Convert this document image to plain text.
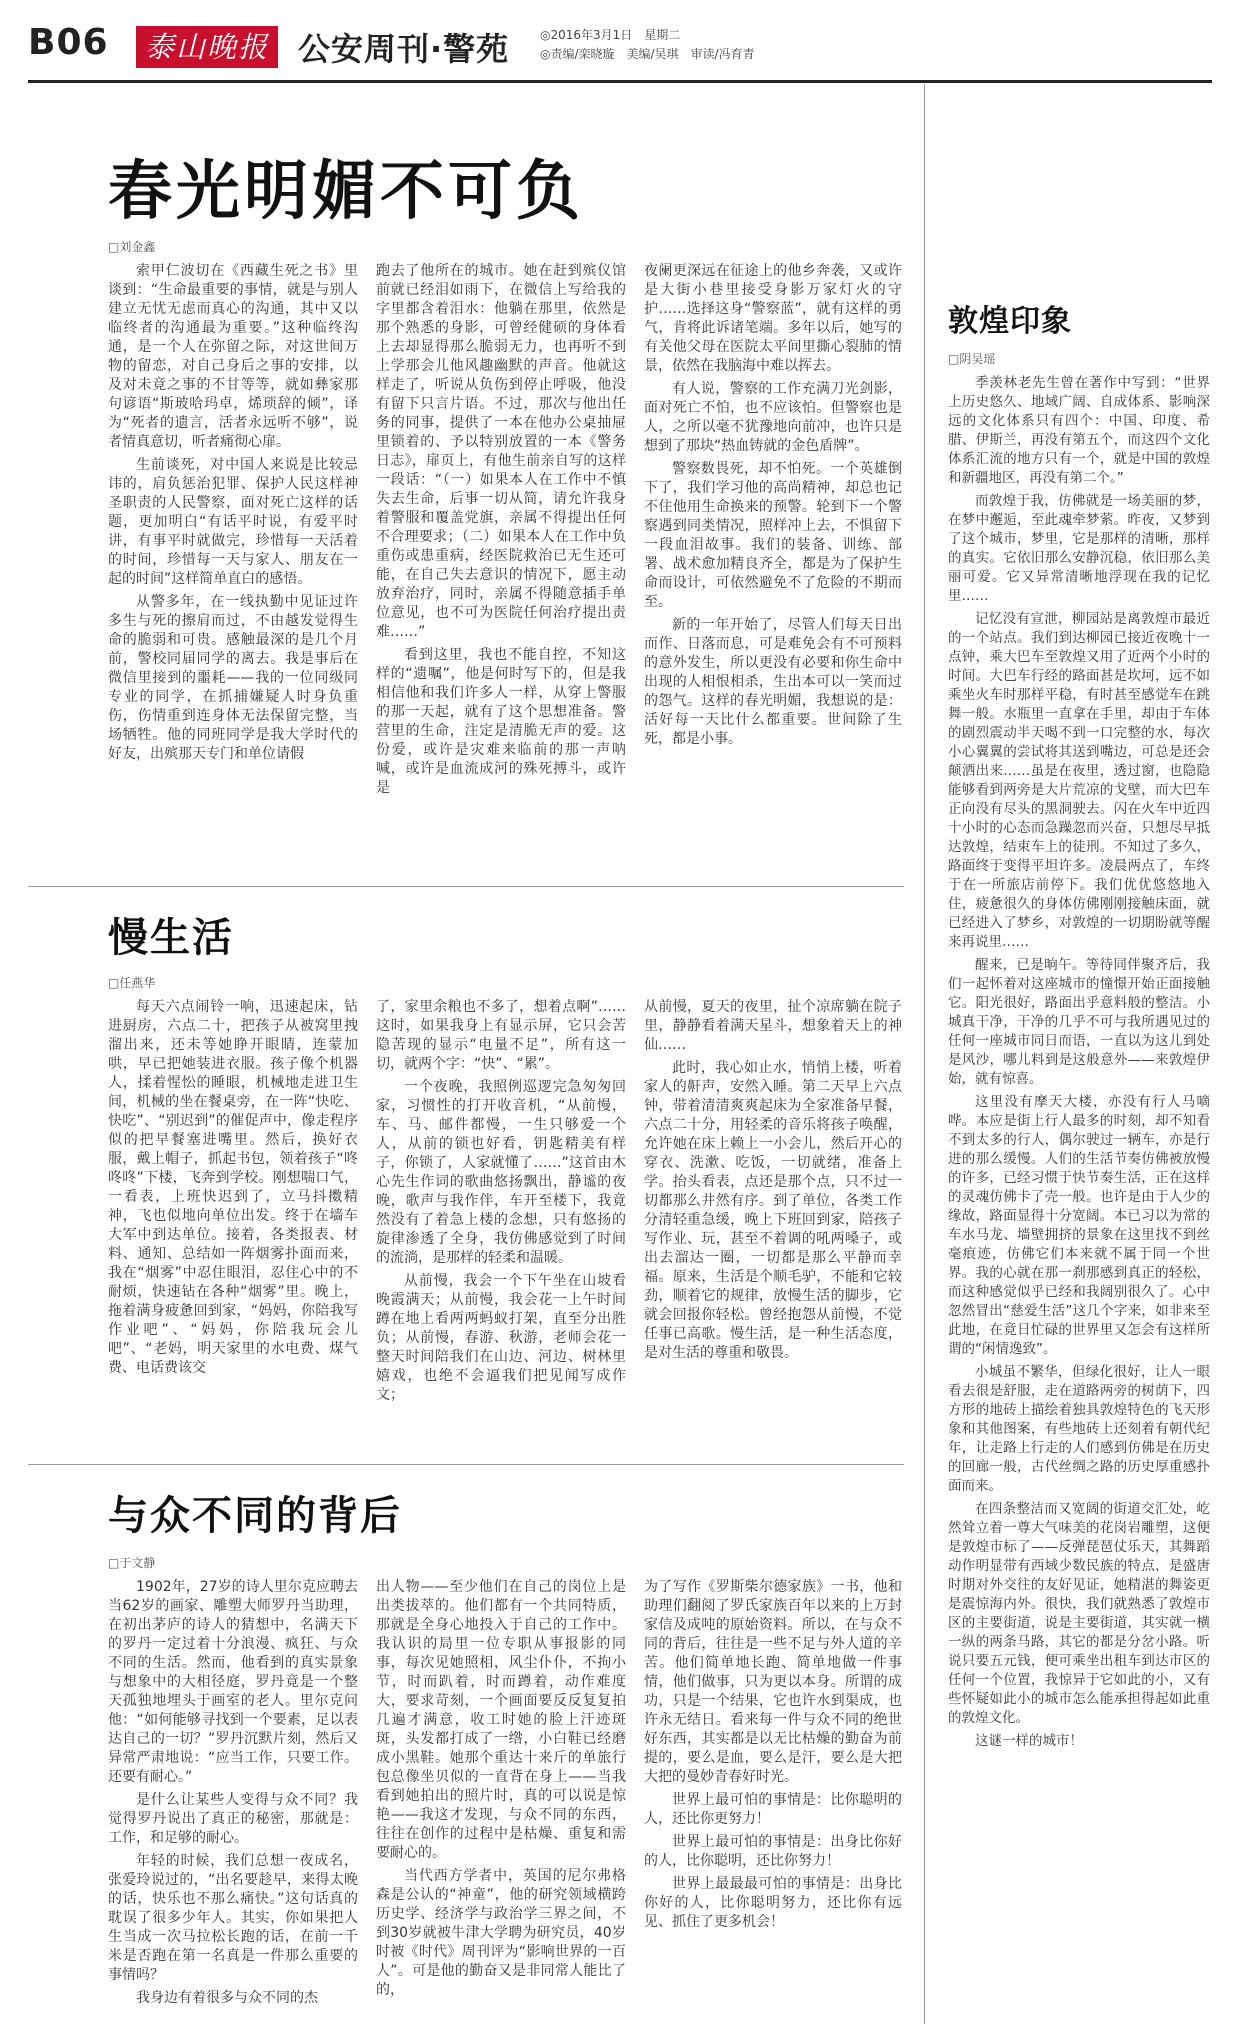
B06	泰山晚报 公安周刊·警苑	◎2016年3月1日　星期二
◎责编/栾晓璇　美编/吴琪　审读/冯育青
春光明媚不可负
□刘金鑫

索甲仁波切在《西藏生死之书》里谈到：“生命最重要的事情，就是与别人建立无忧无虑而真心的沟通，其中又以临终者的沟通最为重要。”这种临终沟通，是一个人在弥留之际，对这世间万物的留恋，对自己身后之事的安排，以及对未竟之事的不甘等等，就如彝家那句谚语“斯玻哈玛卓，烯琐辞的倾”，译为“死者的遗言，活者永远听不够”，说者情真意切，听者痛彻心扉。

生前谈死，对中国人来说是比较忌讳的，肩负惩治犯罪、保护人民这样神圣职责的人民警察，面对死亡这样的话题，更加明白“有话平时说，有爱平时讲，有事平时就做完，珍惜每一天活着的时间，珍惜每一天与家人、朋友在一起的时间”这样简单直白的感悟。

从警多年，在一线执勤中见证过许多生与死的擦肩而过，不由越发觉得生命的脆弱和可贵。感触最深的是几个月前，警校同届同学的离去。我是事后在微信里接到的噩耗——我的一位同级同专业的同学，在抓捕嫌疑人时身负重伤，伤情重到连身体无法保留完整，当场牺牲。他的同班同学是我大学时代的好友，出殡那天专门和单位请假

跑去了他所在的城市。她在赶到殡仪馆前就已经泪如雨下，在微信上写给我的字里都含着泪水：他躺在那里，依然是那个熟悉的身影，可曾经健硕的身体看上去却显得那么脆弱无力，也再听不到上学那会儿他风趣幽默的声音。他就这样走了，听说从负伤到停止呼吸，他没有留下只言片语。不过，那次与他出任务的同事，提供了一本在他办公桌抽屉里锁着的、予以特别放置的一本《警务日志》，扉页上，有他生前亲自写的这样一段话：“（一）如果本人在工作中不慎失去生命，后事一切从简，请允许我身着警服和覆盖党旗，亲属不得提出任何不合理要求；（二）如果本人在工作中负重伤或患重病，经医院救治已无生还可能，在自己失去意识的情况下，愿主动放弃治疗，同时，亲属不得随意插手单位意见，也不可为医院任何治疗提出责难……”

看到这里，我也不能自控，不知这样的“遗嘱”，他是何时写下的，但是我相信他和我们许多人一样，从穿上警服的那一天起，就有了这个思想准备。警营里的生命，注定是清脆无声的爱。这份爱，或许是灾难来临前的那一声呐喊，或许是血流成河的殊死搏斗，或许是

夜阑更深远在征途上的他乡奔袭，又或许是大街小巷里接受身影万家灯火的守护……选择这身“警察蓝”，就有这样的勇气，肯将此诉诸笔端。多年以后，她写的有关他父母在医院太平间里撕心裂肺的情景，依然在我脑海中难以挥去。

有人说，警察的工作充满刀光剑影，面对死亡不怕，也不应该怕。但警察也是人，之所以毫不犹豫地向前冲，也许只是想到了那块“热血铸就的金色盾牌”。

警察数畏死，却不怕死。一个英雄倒下了，我们学习他的高尚精神，却总也记不住他用生命换来的预警。轮到下一个警察遇到同类情况，照样冲上去，不惧留下一段血泪故事。我们的装备、训练、部署、战术愈加精良齐全，都是为了保护生命而设计，可依然避免不了危险的不期而至。

新的一年开始了，尽管人们每天日出而作、日落而息，可是难免会有不可预料的意外发生，所以更没有必要和你生命中出现的人相恨相杀，生出本可以一笑而过的怨气。这样的春光明媚，我想说的是：活好每一天比什么都重要。世间除了生死，都是小事。

慢生活
□任燕华

每天六点闹铃一响，迅速起床，钻进厨房，六点二十，把孩子从被窝里拽溜出来，还未等她睁开眼睛，连蒙加哄，早已把她装进衣服。孩子像个机器人，揉着惺忪的睡眼，机械地走进卫生间，机械的坐在餐桌旁，在一阵“快吃、快吃”、“别迟到”的催促声中，像走程序似的把早餐塞进嘴里。然后，换好衣服，戴上帽子，抓起书包，领着孩子“咚咚咚”下楼，飞奔到学校。刚想喘口气，一看表，上班快迟到了，立马抖擞精神，飞也似地向单位出发。终于在墙车大军中到达单位。接着，各类报表、材料、通知、总结如一阵烟雾扑面而来，我在“烟雾”中忍住眼泪，忍住心中的不耐烦，快速钻在各种“烟雾”里。晚上，拖着满身疲惫回到家，“妈妈，你陪我写作业吧”、“妈妈，你陪我玩会儿吧”、“老妈，明天家里的水电费、煤气费、电话费该交

了，家里余粮也不多了，想着点啊”……这时，如果我身上有显示屏，它只会苦隐苦现的显示“电量不足”，所有这一切，就两个字：“快”、“累”。

一个夜晚，我照例巡逻完急匆匆回家，习惯性的打开收音机，“从前慢，车、马、邮件都慢，一生只够爱一个人，从前的锁也好看，钥匙精美有样子，你锁了，人家就懂了……”这首由木心先生作词的歌曲悠扬飘出，静谧的夜晚，歌声与我作伴，车开至楼下，我竟然没有了着急上楼的念想，只有悠扬的旋律渗透了全身，我仿佛感觉到了时间的流淌，是那样的轻柔和温暖。

从前慢，我会一个下午坐在山坡看晚霞满天；从前慢，我会花一上午时间蹲在地上看两两蚂蚁打架，直至分出胜负；从前慢，春游、秋游，老师会花一整天时间陪我们在山边、河边、树林里嬉戏，也绝不会逼我们把见闻写成作文；

从前慢，夏天的夜里，扯个凉席躺在院子里，静静看着满天星斗，想象着天上的神仙……

此时，我心如止水，悄悄上楼，听着家人的鼾声，安然入睡。第二天早上六点钟，带着清清爽爽起床为全家准备早餐，六点二十分，用轻柔的音乐将孩子唤醒，允许她在床上赖上一小会儿，然后开心的穿衣、洗漱、吃饭，一切就绪，准备上学。抬头看表，点还是那个点，只不过一切都那么井然有序。到了单位，各类工作分清轻重急缓，晚上下班回到家，陪孩子写作业、玩，甚至不着调的吼两嗓子，或出去溜达一圈，一切都是那么平静而幸福。原来，生活是个顺毛驴，不能和它较劲，顺着它的规律，放慢生活的脚步，它就会回报你轻松。曾经抱怨从前慢，不觉任事已高歌。慢生活，是一种生活态度，是对生活的尊重和敬畏。

与众不同的背后
□于文静

1902年，27岁的诗人里尔克应聘去当62岁的画家、雕塑大师罗丹当助理，在初出茅庐的诗人的猜想中，名满天下的罗丹一定过着十分浪漫、疯狂、与众不同的生活。然而，他看到的真实景象与想象中的大相径庭，罗丹竟是一个整天孤独地埋头于画室的老人。里尔克问他：“如何能够寻找到一个要素，足以表达自己的一切？”罗丹沉默片刻，然后又异常严肃地说：“应当工作，只要工作。还要有耐心。”

是什么让某些人变得与众不同？我觉得罗丹说出了真正的秘密，那就是：工作，和足够的耐心。

年轻的时候，我们总想一夜成名，张爱玲说过的，“出名要趁早，来得太晚的话，快乐也不那么痛快。”这句话真的耽误了很多少年人。其实，你如果把人生当成一次马拉松长跑的话，在前一千米是否跑在第一名真是一件那么重要的事情吗？

我身边有着很多与众不同的杰

出人物——至少他们在自己的岗位上是出类拔萃的。他们都有一个共同特质，那就是全身心地投入于自己的工作中。我认识的局里一位专职从事报影的同事，每次见她照相，风尘仆仆，不拘小节，时而趴着，时而蹲着，动作难度大，要求苛刻，一个画面要反反复复拍几遍才满意，收工时她的脸上汗迹斑斑，头发都打成了一绺，小白鞋已经磨成小黑鞋。她那个重达十来斤的单旅行包总像坐贝似的一直背在身上——当我看到她拍出的照片时，真的可以说是惊艳——我这才发现，与众不同的东西，往往在创作的过程中是枯燥、重复和需要耐心的。

当代西方学者中，英国的尼尔弗格森是公认的“神童”，他的研究领域横跨历史学、经济学与政治学三界之间，不到30岁就被牛津大学聘为研究员，40岁时被《时代》周刊评为“影响世界的一百人”。可是他的勤奋又是非同常人能比了的，

为了写作《罗斯柴尔德家族》一书，他和助理们翻阅了罗氏家族百年以来的上万封家信及成吨的原始资料。所以，在与众不同的背后，往往是一些不足与外人道的辛苦。他们简单地长跑、简单地做一件事情，他们做事，只为更以本身。所谓的成功，只是一个结果，它也许水到渠成，也许永无结日。看来每一件与众不同的绝世好东西，其实都是以无比枯燥的勤奋为前提的，要么是血，要么是汗，要么是大把大把的曼妙青春好时光。

世界上最可怕的事情是：比你聪明的人，还比你更努力！

世界上最可怕的事情是：出身比你好的人，比你聪明，还比你努力！

世界上最最最可怕的事情是：出身比你好的人，比你聪明努力，还比你有远见、抓住了更多机会！

敦煌印象
□阴吴瑶

季羡林老先生曾在著作中写到：“世界上历史悠久、地域广阔、自成体系、影响深远的文化体系只有四个：中国、印度、希腊、伊斯兰，再没有第五个，而这四个文化体系汇流的地方只有一个，就是中国的敦煌和新疆地区，再没有第二个。”

而敦煌于我，仿佛就是一场美丽的梦，在梦中邂逅，至此魂牵梦萦。昨夜，又梦到了这个城市，梦里，它是那样的清晰，那样的真实。它依旧那么安静沉稳，依旧那么美丽可爱。它又异常清晰地浮现在我的记忆里……

记忆没有宣泄，柳园站是离敦煌市最近的一个站点。我们到达柳园已接近夜晚十一点钟，乘大巴车至敦煌又用了近两个小时的时间。大巴车行经的路面甚是坎坷，远不如乘坐火车时那样平稳，有时甚至感觉车在跳舞一般。水瓶里一直拿在手里，却由于车体的剧烈震动半天喝不到一口完整的水，每次小心翼翼的尝试将其送到嘴边，可总是还会颠洒出来……虽是在夜里，透过窗，也隐隐能够看到两旁是大片荒凉的戈壁，而大巴车正向没有尽头的黑洞驶去。闪在火车中近四十小时的心态而急躁忽而兴奋，只想尽早抵达敦煌，结束车上的徒刑。不知过了多久，路面终于变得平坦许多。凌晨两点了，车终于在一所旅店前停下。我们优优悠悠地入住，疲惫很久的身体仿佛刚刚接触床面，就已经进入了梦乡，对敦煌的一切期盼就等醒来再说里……

醒来，已是晌午。等待同伴聚齐后，我们一起怀着对这座城市的憧憬开始正面接触它。阳光很好，路面出乎意料般的整洁。小城真干净，干净的几乎不可与我所遇见过的任何一座城市同日而语，一直以为这儿到处是风沙，哪儿料到是这般意外——来敦煌伊始，就有惊喜。

这里没有摩天大楼，亦没有行人马嘀哗。本应是街上行人最多的时刻，却不知看不到太多的行人，偶尔驶过一辆车，亦是行进的那么缓慢。人们的生活节奏仿佛被放慢的许多，已经习惯于快节奏生活，正在这样的灵魂仿佛卡了壳一般。也许是由于人少的缘故，路面显得十分宽阔。本已习以为常的车水马龙、墙壁拥挤的景象在这里找不到丝毫痕迹，仿佛它们本来就不属于同一个世界。我的心就在那一刹那感到真正的轻松，而这种感觉似乎已经和我阔别很久了。心中忽然冒出“慈爱生活”这几个字来，如非来至此地，在竟日忙碌的世界里又怎会有这样所谓的“闲情逸致”。

小城虽不繁华，但绿化很好，让人一眼看去很是舒服，走在道路两旁的树荫下，四方形的地砖上描绘着独具敦煌特色的飞天形象和其他图案，有些地砖上还刻着有朝代纪年，让走路上行走的人们感到仿佛是在历史的回廊一般，古代丝绸之路的历史厚重感扑面而来。

在四条整洁而又宽阔的街道交汇处，屹然耸立着一尊大气味美的花岗岩雕塑，这便是敦煌市标了——反弹琵琶仗乐天，其舞蹈动作明显带有西域少数民族的特点，是盛唐时期对外交往的友好见证，她精湛的舞姿更是震惊海内外。很快，我们就熟悉了敦煌市区的主要街道，说是主要街道，其实就一横一纵的两条马路，其它的都是分岔小路。听说只要五元钱，便可乘坐出租车到达市区的任何一个位置，我惊异于它如此的小，又有些怀疑如此小的城市怎么能承担得起如此重的敦煌文化。

这谜一样的城市！
